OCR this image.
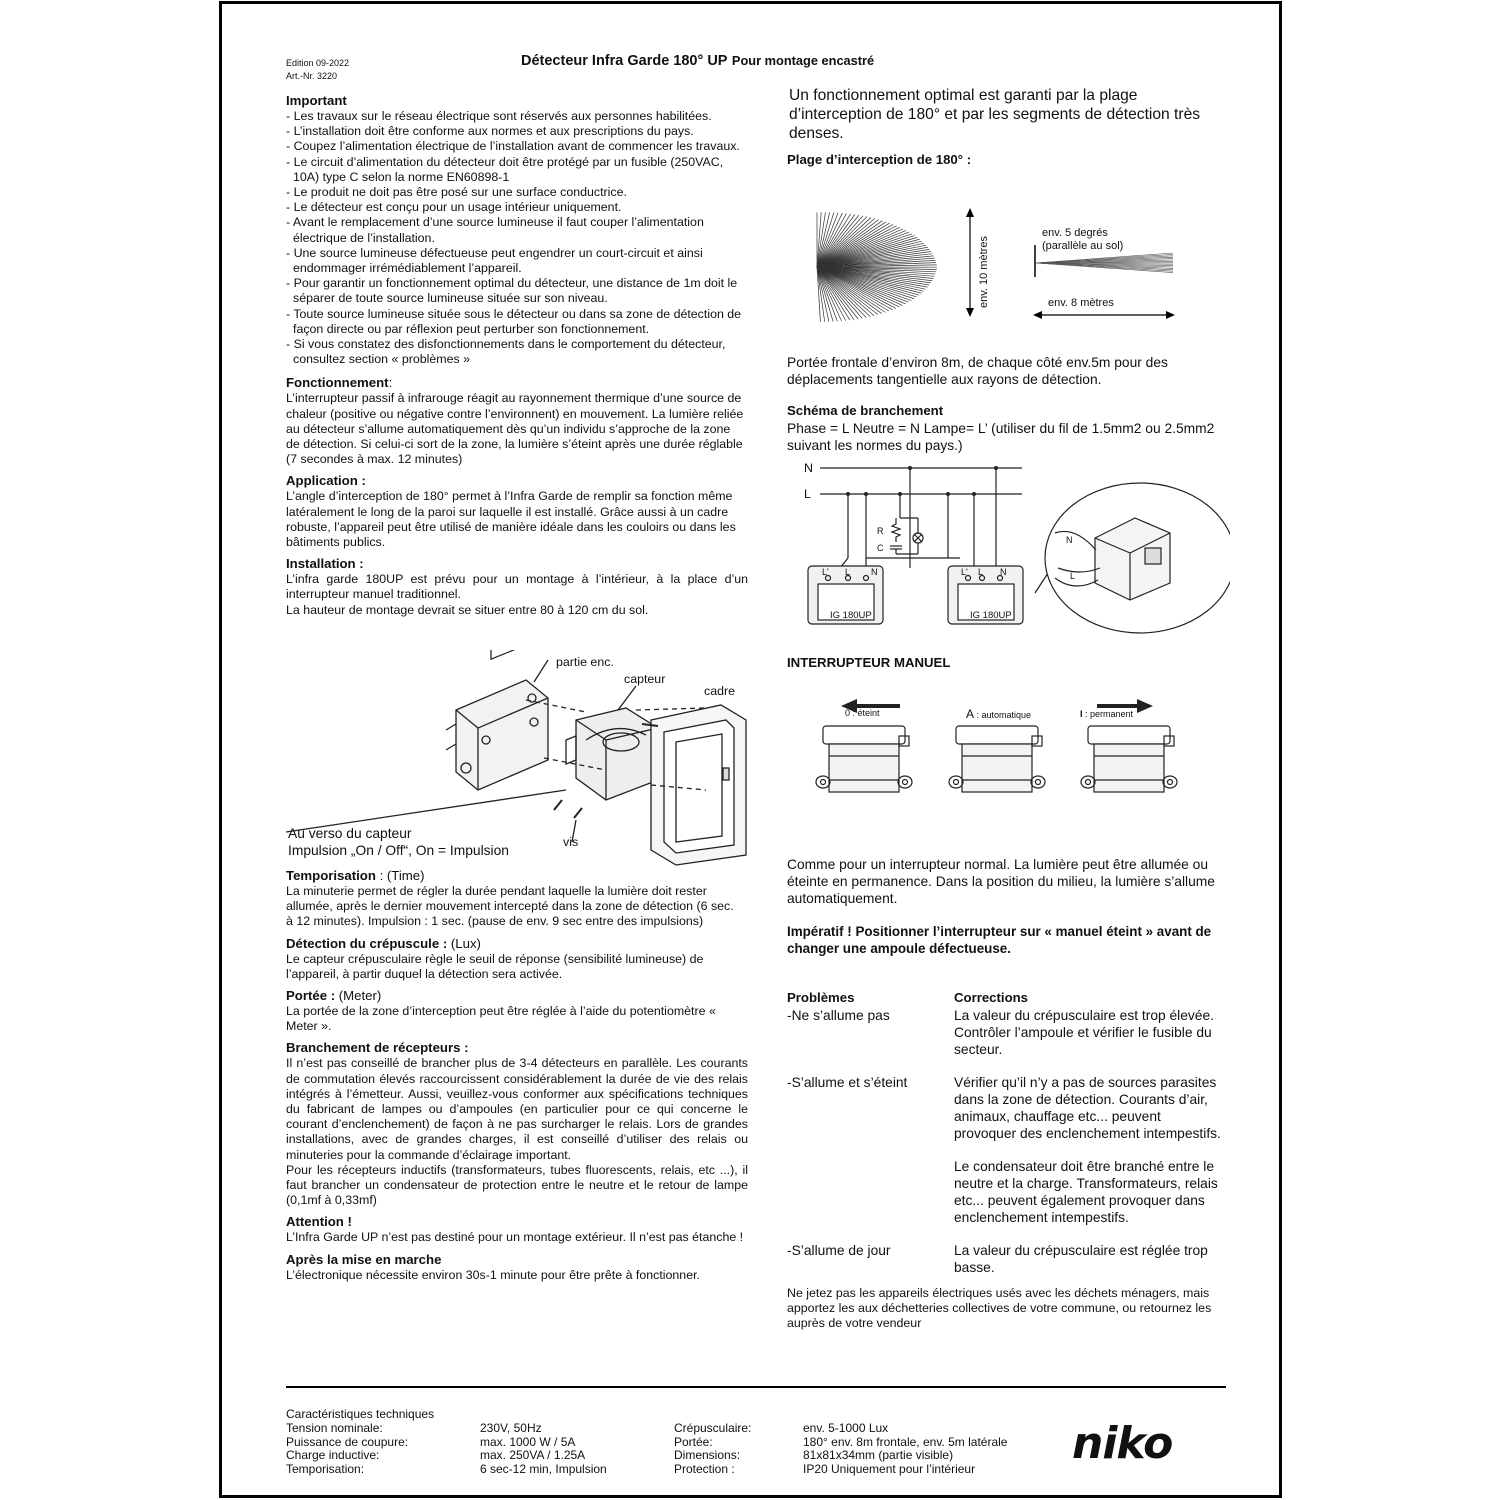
Edition 09-2022
Art.-Nr. 3220
Détecteur Infra Garde 180° UP Pour montage encastré
Important
- Les travaux sur le réseau électrique sont réservés aux personnes habilitées.
- L’installation doit être conforme aux normes et aux prescriptions du pays.
- Coupez l’alimentation électrique de l’installation avant de commencer les travaux.
- Le circuit d’alimentation du détecteur doit être protégé par un fusible (250VAC, 10A) type C selon la norme EN60898-1
- Le produit ne doit pas être posé sur une surface conductrice.
- Le détecteur est conçu pour un usage intérieur uniquement.
- Avant le remplacement d’une source lumineuse il faut couper l’alimentation électrique de l’installation.
- Une source lumineuse défectueuse peut engendrer un court-circuit et ainsi endommager irrémédiablement l’appareil.
- Pour garantir un fonctionnement optimal du détecteur, une distance de 1m doit le séparer de toute source lumineuse située sur son niveau.
- Toute source lumineuse située sous le détecteur ou dans sa zone de détection de façon directe ou par réflexion peut perturber son fonctionnement.
- Si vous constatez des disfonctionnements dans le comportement du détecteur, consultez section « problèmes »
Fonctionnement:
L’interrupteur passif à infrarouge réagit au rayonnement thermique d’une source de chaleur (positive ou négative contre l’environnent) en mouvement. La lumière reliée au détecteur s’allume automatiquement dès qu’un individu s’approche de la zone de détection. Si celui-ci sort de la zone, la lumière s’éteint après une durée réglable (7 secondes à max. 12 minutes)
Application :
L’angle d’interception de 180° permet à l’Infra Garde de remplir sa fonction même latéralement le long de la paroi sur laquelle il est installé. Grâce aussi à un cadre robuste, l’appareil peut être utilisé de manière idéale dans les couloirs ou dans les bâtiments publics.
Installation :
L’infra garde 180UP est prévu pour un montage à l’intérieur, à la place d’un interrupteur manuel traditionnel.
La hauteur de montage devrait se situer entre 80 à 120 cm du sol.
partie enc.
capteur
cadre
vis
Au verso du capteur
Impulsion „On / Off“, On = Impulsion
Temporisation : (Time)
La minuterie permet de régler la durée pendant laquelle la lumière doit rester allumée, après le dernier mouvement intercepté dans la zone de détection (6 sec. à 12 minutes). Impulsion : 1 sec. (pause de env. 9 sec entre des impulsions)
Détection du crépuscule : (Lux)
Le capteur crépusculaire règle le seuil de réponse (sensibilité lumineuse) de l’appareil, à partir duquel la détection sera activée.
Portée : (Meter)
La portée de la zone d’interception peut être réglée à l’aide du potentiomètre « Meter ».
Branchement de récepteurs :
Il n’est pas conseillé de brancher plus de 3-4 détecteurs en parallèle. Les courants de commutation élevés raccourcissent considérablement la durée de vie des relais intégrés à l’émetteur. Aussi, veuillez-vous conformer aux spécifications techniques du fabricant de lampes ou d’ampoules (en particulier pour ce qui concerne le courant d’enclenchement) de façon à ne pas surcharger le relais. Lors de grandes installations, avec de grandes charges, il est conseillé d’utiliser des relais ou minuteries pour la commande d’éclairage important.
Pour les récepteurs inductifs (transformateurs, tubes fluorescents, relais, etc ...), il faut brancher un condensateur de protection entre le neutre et le retour de lampe (0,1mf à 0,33mf)
Attention !
L’Infra Garde UP n’est pas destiné pour un montage extérieur. Il n’est pas étanche !
Après la mise en marche
L’électronique nécessite environ 30s-1 minute pour être prête à fonctionner.
Un fonctionnement optimal est garanti par la plage d’interception de 180° et par les segments de détection très denses.
Plage d’interception de 180° :
env. 10 mètres
env. 5 degrés
(parallèle au sol)
env. 8 mètres
Portée frontale d’environ 8m, de chaque côté env.5m pour des déplacements tangentielle aux rayons de détection.
Schéma de branchement
Phase = L Neutre = N Lampe= L’ (utiliser du fil de 1.5mm2 ou 2.5mm2 suivant les normes du pays.)
N
L
R
C
L' L N	L' L N
IG 180UP	IG 180UP
N
L
INTERRUPTEUR MANUEL
0 : éteint	A : automatique	I : permanent
Comme pour un interrupteur normal. La lumière peut être allumée ou éteinte en permanence. Dans la position du milieu, la lumière s’allume automatiquement.
Impératif ! Positionner l’interrupteur sur « manuel éteint » avant de changer une ampoule défectueuse.
Problèmes	Corrections
-Ne s’allume pas	La valeur du crépusculaire est trop élevée. Contrôler l’ampoule et vérifier le fusible du secteur.
-S’allume et s’éteint	Vérifier qu’il n’y a pas de sources parasites dans la zone de détection. Courants d’air, animaux, chauffage etc... peuvent provoquer des enclenchement intempestifs.
Le condensateur doit être branché entre le neutre et la charge. Transformateurs, relais etc... peuvent également provoquer dans enclenchement intempestifs.
-S’allume de jour	La valeur du crépusculaire est réglée trop basse.
Ne jetez pas les appareils électriques usés avec les déchets ménagers, mais apportez les aux déchetteries collectives de votre commune, ou retournez les auprès de votre vendeur
Caractéristiques techniques
Tension nominale:	230V, 50Hz
Puissance de coupure:	max. 1000 W / 5A
Charge inductive:	max. 250VA / 1.25A
Temporisation:	6 sec-12 min, Impulsion
Crépusculaire:	env. 5-1000 Lux
Portée:	180° env. 8m frontale, env. 5m latérale
Dimensions:	81x81x34mm (partie visible)
Protection :	IP20 Uniquement pour l’intérieur niko
